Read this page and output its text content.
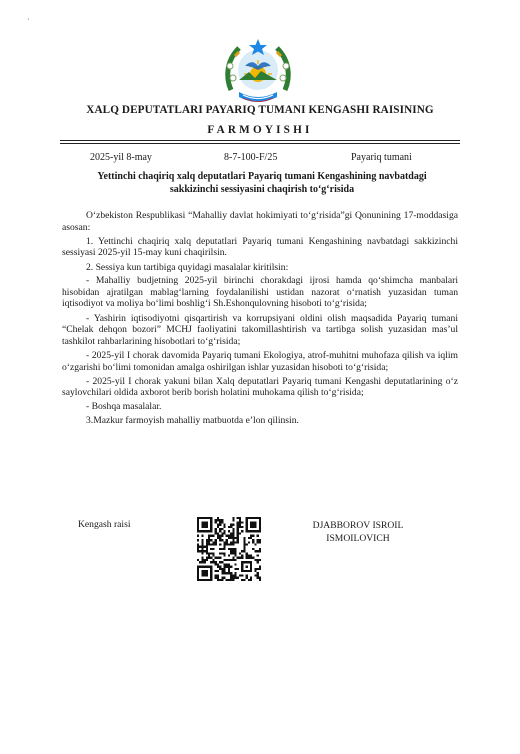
·
XALQ DEPUTATLARI PAYARIQ TUMANI KENGASHI RAISINING
FARMOYISHI
2025-yil 8-may	8-7-100-F/25	Payariq tumani
Yettinchi chaqiriq xalq deputatlari Payariq tumani Kengashining navbatdagi sakkizinchi sessiyasini chaqirish to‘g‘risida

O‘zbekiston Respublikasi “Mahalliy davlat hokimiyati to‘g‘risida”gi Qonunining 17-moddasiga asosan:

1. Yettinchi chaqiriq xalq deputatlari Payariq tumani Kengashining navbatdagi sakkizinchi sessiyasi 2025-yil 15-may kuni chaqirilsin.

2. Sessiya kun tartibiga quyidagi masalalar kiritilsin:

- Mahalliy budjetning 2025-yil birinchi chorakdagi ijrosi hamda qo‘shimcha manbalari hisobidan ajratilgan mablag‘larning foydalanilishi ustidan nazorat o‘rnatish yuzasidan tuman iqtisodiyot va moliya bo‘limi boshlig‘i Sh.Eshonqulovning hisoboti to‘g‘risida;

- Yashirin iqtisodiyotni qisqartirish va korrupsiyani oldini olish maqsadida Payariq tumani “Chelak dehqon bozori” MCHJ faoliyatini takomillashtirish va tartibga solish yuzasidan mas’ul tashkilot rahbarlarining hisobotlari to‘g‘risida;

- 2025-yil I chorak davomida Payariq tumani Ekologiya, atrof-muhitni muhofaza qilish va iqlim o‘zgarishi bo‘limi tomonidan amalga oshirilgan ishlar yuzasidan hisoboti to‘g‘risida;

- 2025-yil I chorak yakuni bilan Xalq deputatlari Payariq tumani Kengashi deputatlarining o‘z saylovchilari oldida axborot berib borish holatini muhokama qilish to‘g‘risida;

- Boshqa masalalar.

3.Mazkur farmoyish mahalliy matbuotda e’lon qilinsin.

Kengash raisi	DJABBOROV ISROIL
ISMOILOVICH
